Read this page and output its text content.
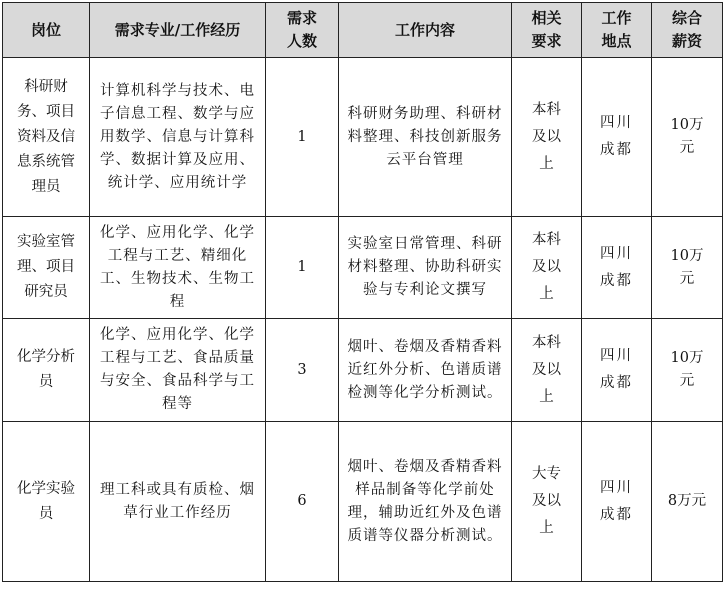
岗位	需求专业/工作经历	需求人数	工作内容	相关要求	工作地点	综合薪资
科研财务、项目资料及信息系统管理员	计算机科学与技术、电子信息工程、数学与应用数学、信息与计算科学、数据计算及应用、统计学、应用统计学	1	科研财务助理、科研材料整理、科技创新服务云平台管理	本科及以上	四川成都	10万元
实验室管理、项目研究员	化学、应用化学、化学工程与工艺、精细化工、生物技术、生物工程	1	实验室日常管理、科研材料整理、协助科研实验与专利论文撰写	本科及以上	四川成都	10万元
化学分析员	化学、应用化学、化学工程与工艺、食品质量与安全、食品科学与工程等	3	烟叶、卷烟及香精香料近红外分析、色谱质谱检测等化学分析测试。	本科及以上	四川成都	10万元
化学实验员	理工科或具有质检、烟草行业工作经历	6	烟叶、卷烟及香精香料样品制备等化学前处理，辅助近红外及色谱质谱等仪器分析测试。	大专及以上	四川成都	8万元
